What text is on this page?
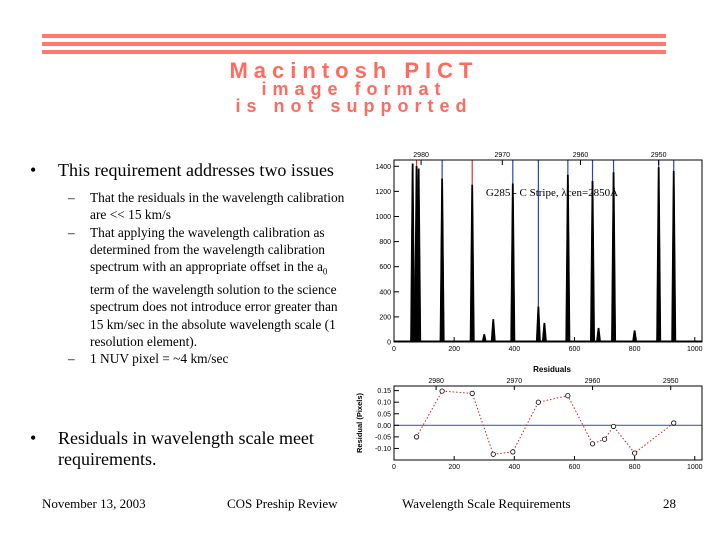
Macintosh PICT
image format
is not supported
• This requirement addresses two issues
– That the residuals in the wavelength calibration are << 15 km/s
– That applying the wavelength calibration as determined from the wavelength calibration spectrum with an appropriate offset in the $a_0$ term of the wavelength solution to the science spectrum does not introduce error greater than 15 km/sec in the absolute wavelength scale (1 resolution element).
– 1 NUV pixel = ~4 km/sec
• Residuals in wavelength scale meet requirements.
0
200
400
600
800
1000
1200
1400
0	200	400	600	800	1000
2980	2970	2960	2950
G285 - C Stripe, λcen=2850Å
Residuals
-0.10
-0.05
0.00
0.05
0.10
0.15
0	200	400	600	800	1000
2980	2970	2960	2950
Residual (Pixels)
November 13, 2003	COS Preship Review	Wavelength Scale Requirements	28
